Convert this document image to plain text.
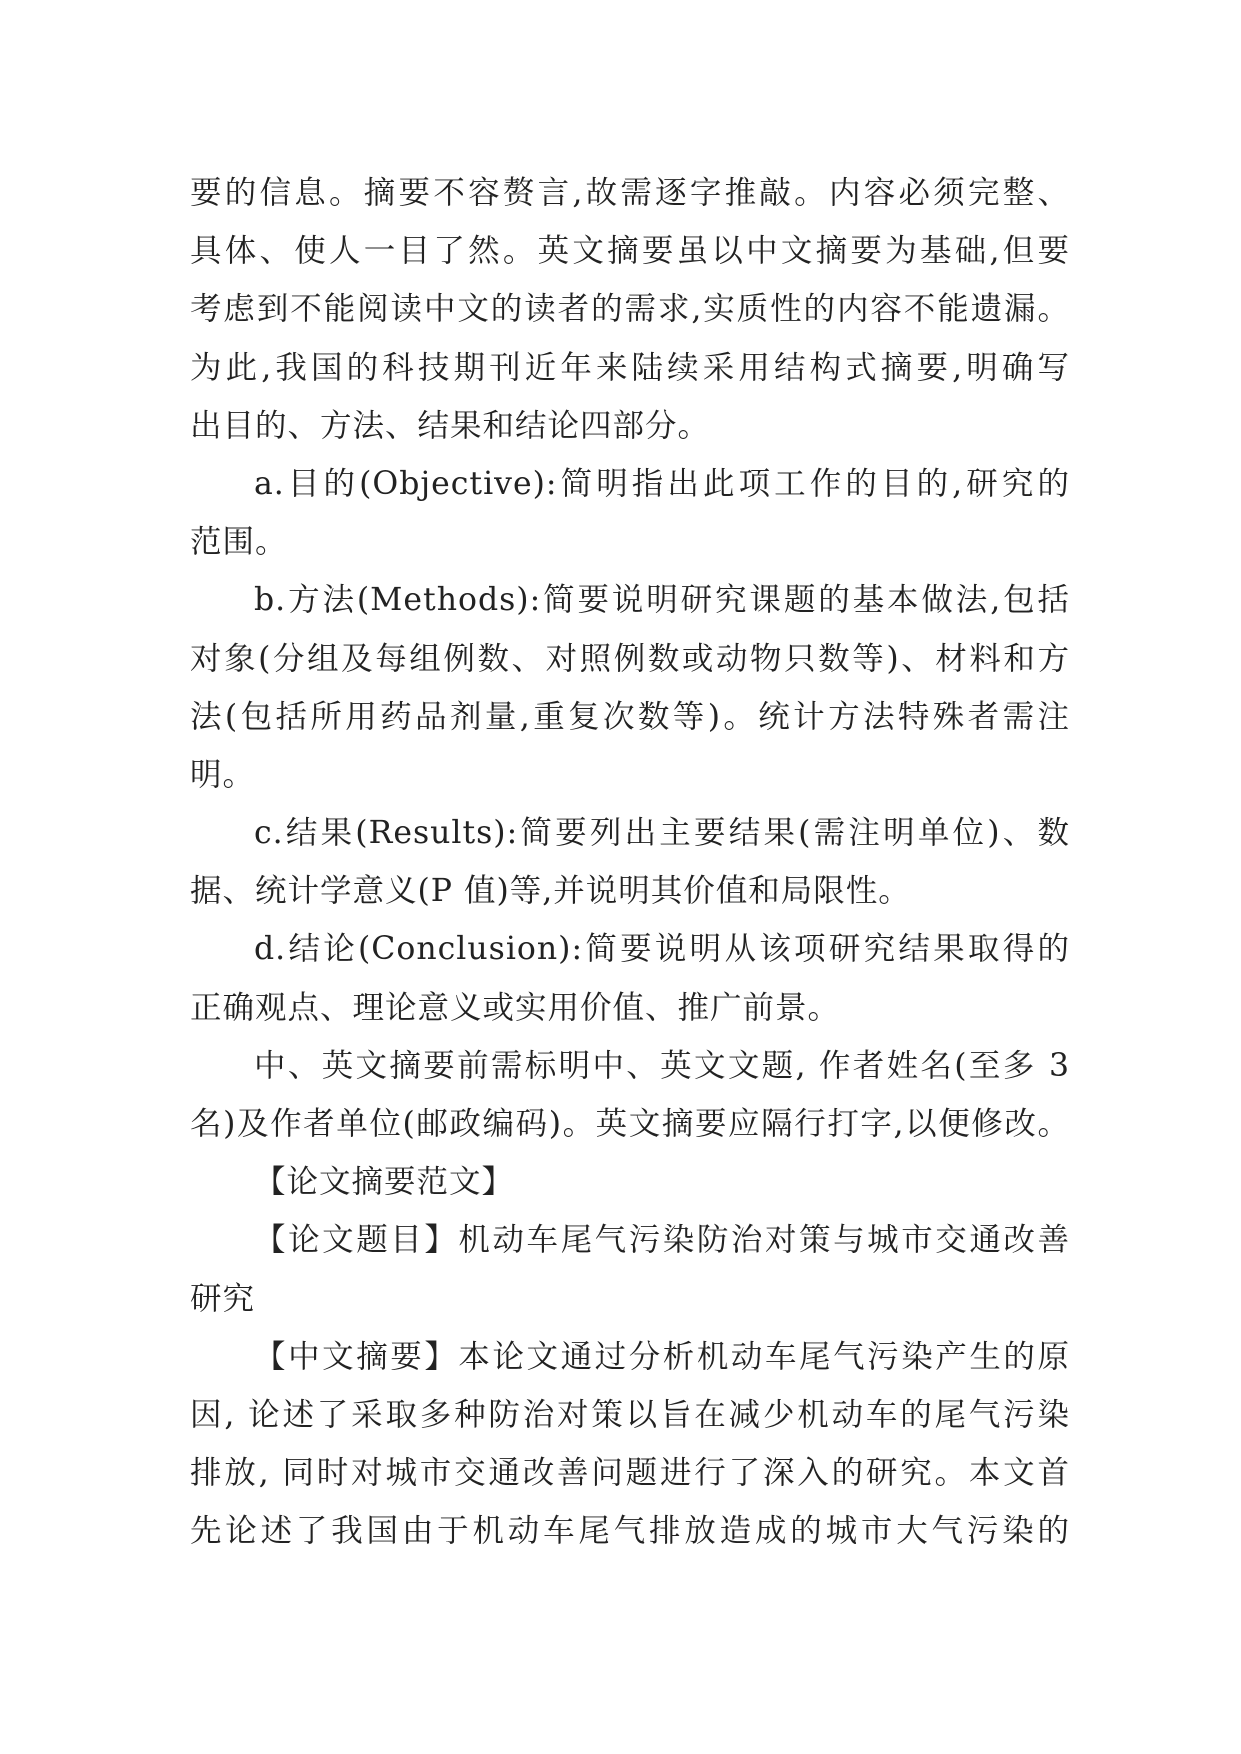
要的信息。摘要不容赘言,故需逐字推敲。内容必须完整、
具体、使人一目了然。英文摘要虽以中文摘要为基础,但要
考虑到不能阅读中文的读者的需求,实质性的内容不能遗漏。
为此,我国的科技期刊近年来陆续采用结构式摘要,明确写
出目的、方法、结果和结论四部分。
a.目的(Objective):简明指出此项工作的目的,研究的
范围。
b.方法(Methods):简要说明研究课题的基本做法,包括
对象(分组及每组例数、对照例数或动物只数等)、材料和方
法(包括所用药品剂量,重复次数等)。统计方法特殊者需注
明。
c.结果(Results):简要列出主要结果(需注明单位)、数
据、统计学意义(P 值)等,并说明其价值和局限性。
d.结论(Conclusion):简要说明从该项研究结果取得的
正确观点、理论意义或实用价值、推广前景。
中、英文摘要前需标明中、英文文题, 作者姓名(至多 3
名)及作者单位(邮政编码)。英文摘要应隔行打字,以便修改。
【论文摘要范文】
【论文题目】机动车尾气污染防治对策与城市交通改善
研究
【中文摘要】本论文通过分析机动车尾气污染产生的原
因, 论述了采取多种防治对策以旨在减少机动车的尾气污染
排放, 同时对城市交通改善问题进行了深入的研究。本文首
先论述了我国由于机动车尾气排放造成的城市大气污染的
